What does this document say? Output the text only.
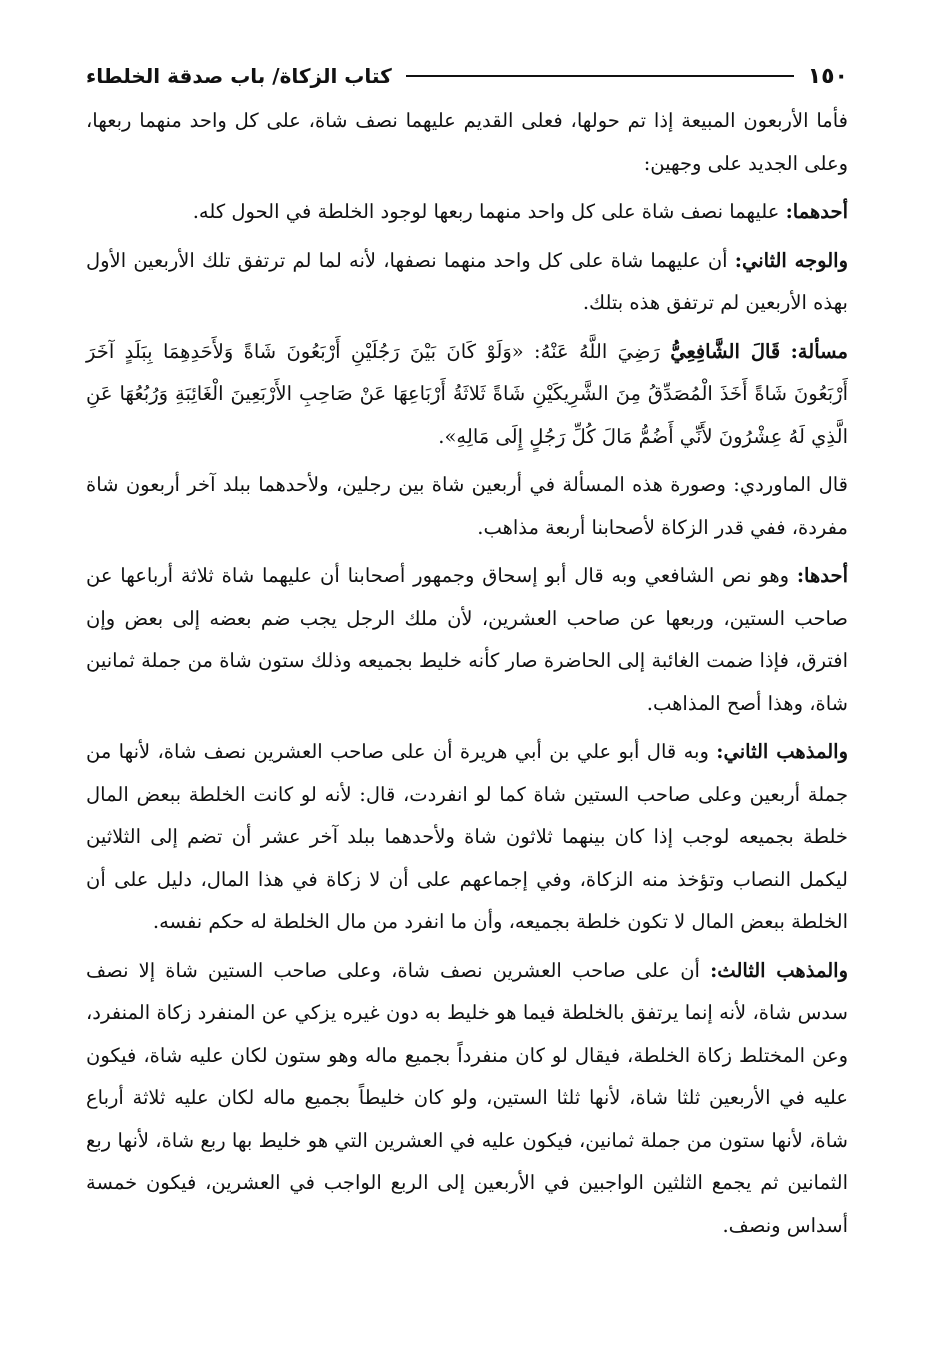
١٥٠
كتاب الزكاة/ باب صدقة الخلطاء

فأما الأربعون المبيعة إذا تم حولها، فعلى القديم عليهما نصف شاة، على كل واحد منهما ربعها، وعلى الجديد على وجهين:

أحدهما: عليهما نصف شاة على كل واحد منهما ربعها لوجود الخلطة في الحول كله.

والوجه الثاني: أن عليهما شاة على كل واحد منهما نصفها، لأنه لما لم ترتفق تلك الأربعين الأول بهذه الأربعين لم ترتفق هذه بتلك.

مسألة: قَالَ الشَّافِعِيُّ رَضِيَ اللَّهُ عَنْهُ: «وَلَوْ كَانَ بَيْنَ رَجُلَيْنِ أَرْبَعُونَ شَاةً وَلأَحَدِهِمَا بِبَلَدٍ آخَرَ أَرْبَعُونَ شَاةً أَخَذَ الْمُصَدِّقُ مِنَ الشَّرِيكَيْنِ شَاةً ثَلاثَةُ أَرْبَاعِهَا عَنْ صَاحِبِ الأَرْبَعِينَ الْغَائِبَةِ وَرُبُعُهَا عَنِ الَّذِي لَهُ عِشْرُونَ لأَنِّي أَضُمُّ مَالَ كُلِّ رَجُلٍ إِلَى مَالِهِ».

قال الماوردي: وصورة هذه المسألة في أربعين شاة بين رجلين، ولأحدهما ببلد آخر أربعون شاة مفردة، ففي قدر الزكاة لأصحابنا أربعة مذاهب.

أحدها: وهو نص الشافعي وبه قال أبو إسحاق وجمهور أصحابنا أن عليهما شاة ثلاثة أرباعها عن صاحب الستين، وربعها عن صاحب العشرين، لأن ملك الرجل يجب ضم بعضه إلى بعض وإن افترق، فإذا ضمت الغائبة إلى الحاضرة صار كأنه خليط بجميعه وذلك ستون شاة من جملة ثمانين شاة، وهذا أصح المذاهب.

والمذهب الثاني: وبه قال أبو علي بن أبي هريرة أن على صاحب العشرين نصف شاة، لأنها من جملة أربعين وعلى صاحب الستين شاة كما لو انفردت، قال: لأنه لو كانت الخلطة ببعض المال خلطة بجميعه لوجب إذا كان بينهما ثلاثون شاة ولأحدهما ببلد آخر عشر أن تضم إلى الثلاثين ليكمل النصاب وتؤخذ منه الزكاة، وفي إجماعهم على أن لا زكاة في هذا المال، دليل على أن الخلطة ببعض المال لا تكون خلطة بجميعه، وأن ما انفرد من مال الخلطة له حكم نفسه.

والمذهب الثالث: أن على صاحب العشرين نصف شاة، وعلى صاحب الستين شاة إلا نصف سدس شاة، لأنه إنما يرتفق بالخلطة فيما هو خليط به دون غيره يزكي عن المنفرد زكاة المنفرد، وعن المختلط زكاة الخلطة، فيقال لو كان منفرداً بجميع ماله وهو ستون لكان عليه شاة، فيكون عليه في الأربعين ثلثا شاة، لأنها ثلثا الستين، ولو كان خليطاً بجميع ماله لكان عليه ثلاثة أرباع شاة، لأنها ستون من جملة ثمانين، فيكون عليه في العشرين التي هو خليط بها ربع شاة، لأنها ربع الثمانين ثم يجمع الثلثين الواجبين في الأربعين إلى الربع الواجب في العشرين، فيكون خمسة أسداس ونصف.
